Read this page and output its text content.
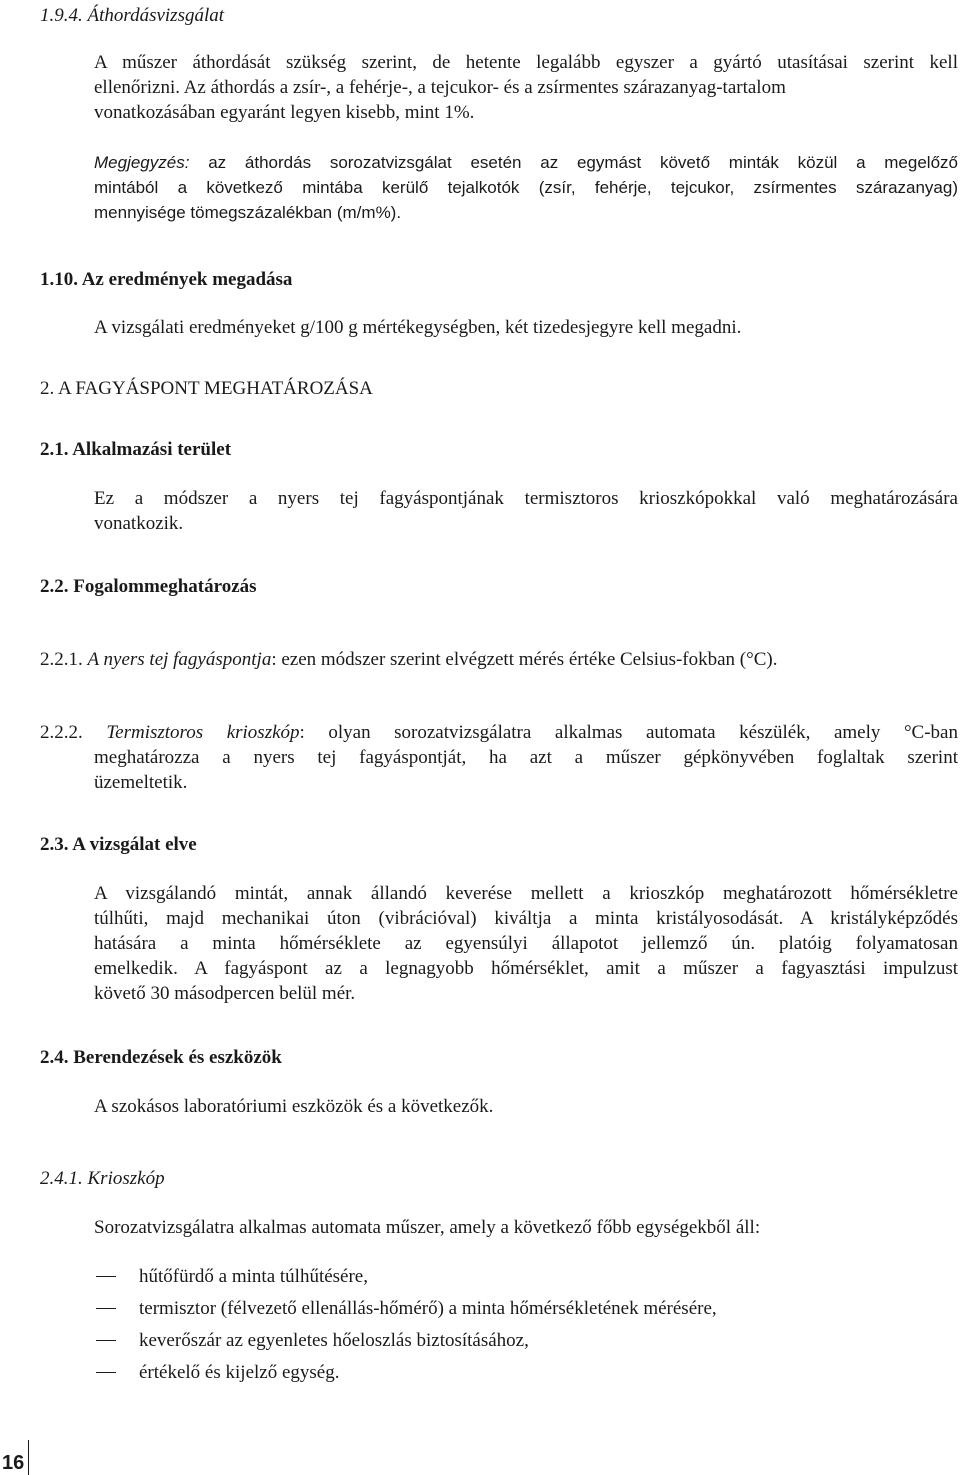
1.9.4. Áthordásvizsgálat
A műszer áthordását szükség szerint, de hetente legalább egyszer a gyártó utasításai szerint kell
ellenőrizni. Az áthordás a zsír-, a fehérje-, a tejcukor- és a zsírmentes szárazanyag-tartalom
vonatkozásában egyaránt legyen kisebb, mint 1%.
Megjegyzés: az áthordás sorozatvizsgálat esetén az egymást követő minták közül a megelőző
mintából a következő mintába kerülő tejalkotók (zsír, fehérje, tejcukor, zsírmentes szárazanyag)
mennyisége tömegszázalékban (m/m%).
1.10. Az eredmények megadása
A vizsgálati eredményeket g/100 g mértékegységben, két tizedesjegyre kell megadni.
2. A FAGYÁSPONT MEGHATÁROZÁSA
2.1. Alkalmazási terület
Ez a módszer a nyers tej fagyáspontjának termisztoros krioszkópokkal való meghatározására
vonatkozik.
2.2. Fogalommeghatározás
2.2.1. A nyers tej fagyáspontja: ezen módszer szerint elvégzett mérés értéke Celsius-fokban (°C).
2.2.2. Termisztoros krioszkóp: olyan sorozatvizsgálatra alkalmas automata készülék, amely °C-ban
meghatározza a nyers tej fagyáspontját, ha azt a műszer gépkönyvében foglaltak szerint
üzemeltetik.
2.3. A vizsgálat elve
A vizsgálandó mintát, annak állandó keverése mellett a krioszkóp meghatározott hőmérsékletre
túlhűti, majd mechanikai úton (vibrációval) kiváltja a minta kristályosodását. A kristályképződés
hatására a minta hőmérséklete az egyensúlyi állapotot jellemző ún. platóig folyamatosan
emelkedik. A fagyáspont az a legnagyobb hőmérséklet, amit a műszer a fagyasztási impulzust
követő 30 másodpercen belül mér.
2.4. Berendezések és eszközök
A szokásos laboratóriumi eszközök és a következők.
2.4.1. Krioszkóp
Sorozatvizsgálatra alkalmas automata műszer, amely a következő főbb egységekből áll:
hűtőfürdő a minta túlhűtésére,
termisztor (félvezető ellenállás-hőmérő) a minta hőmérsékletének mérésére,
keverőszár az egyenletes hőeloszlás biztosításához,
értékelő és kijelző egység.
16
